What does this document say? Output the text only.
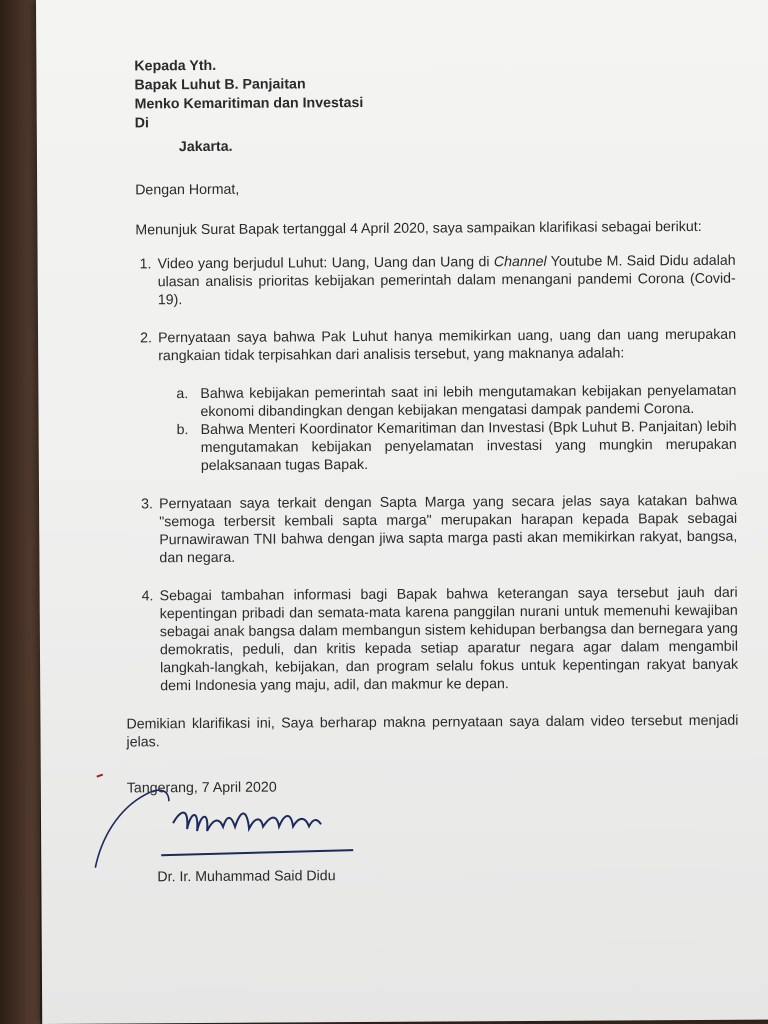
Kepada Yth.
Bapak Luhut B. Panjaitan
Menko Kemaritiman dan Investasi
Di
Jakarta.
Dengan Hormat,
Menunjuk Surat Bapak tertanggal 4 April 2020, saya sampaikan klarifikasi sebagai berikut:
1. Video yang berjudul Luhut: Uang, Uang dan Uang di Channel Youtube M. Said Didu adalah ulasan analisis prioritas kebijakan pemerintah dalam menangani pandemi Corona (Covid-19).
2. Pernyataan saya bahwa Pak Luhut hanya memikirkan uang, uang dan uang merupakan rangkaian tidak terpisahkan dari analisis tersebut, yang maknanya adalah:
a. Bahwa kebijakan pemerintah saat ini lebih mengutamakan kebijakan penyelamatan ekonomi dibandingkan dengan kebijakan mengatasi dampak pandemi Corona.
b. Bahwa Menteri Koordinator Kemaritiman dan Investasi (Bpk Luhut B. Panjaitan) lebih mengutamakan kebijakan penyelamatan investasi yang mungkin merupakan pelaksanaan tugas Bapak.
3. Pernyataan saya terkait dengan Sapta Marga yang secara jelas saya katakan bahwa "semoga terbersit kembali sapta marga" merupakan harapan kepada Bapak sebagai Purnawirawan TNI bahwa dengan jiwa sapta marga pasti akan memikirkan rakyat, bangsa, dan negara.
4. Sebagai tambahan informasi bagi Bapak bahwa keterangan saya tersebut jauh dari kepentingan pribadi dan semata-mata karena panggilan nurani untuk memenuhi kewajiban sebagai anak bangsa dalam membangun sistem kehidupan berbangsa dan bernegara yang demokratis, peduli, dan kritis kepada setiap aparatur negara agar dalam mengambil langkah-langkah, kebijakan, dan program selalu fokus untuk kepentingan rakyat banyak demi Indonesia yang maju, adil, dan makmur ke depan.
Demikian klarifikasi ini, Saya berharap makna pernyataan saya dalam video tersebut menjadi jelas.
Tangerang, 7 April 2020
Dr. Ir. Muhammad Said Didu
